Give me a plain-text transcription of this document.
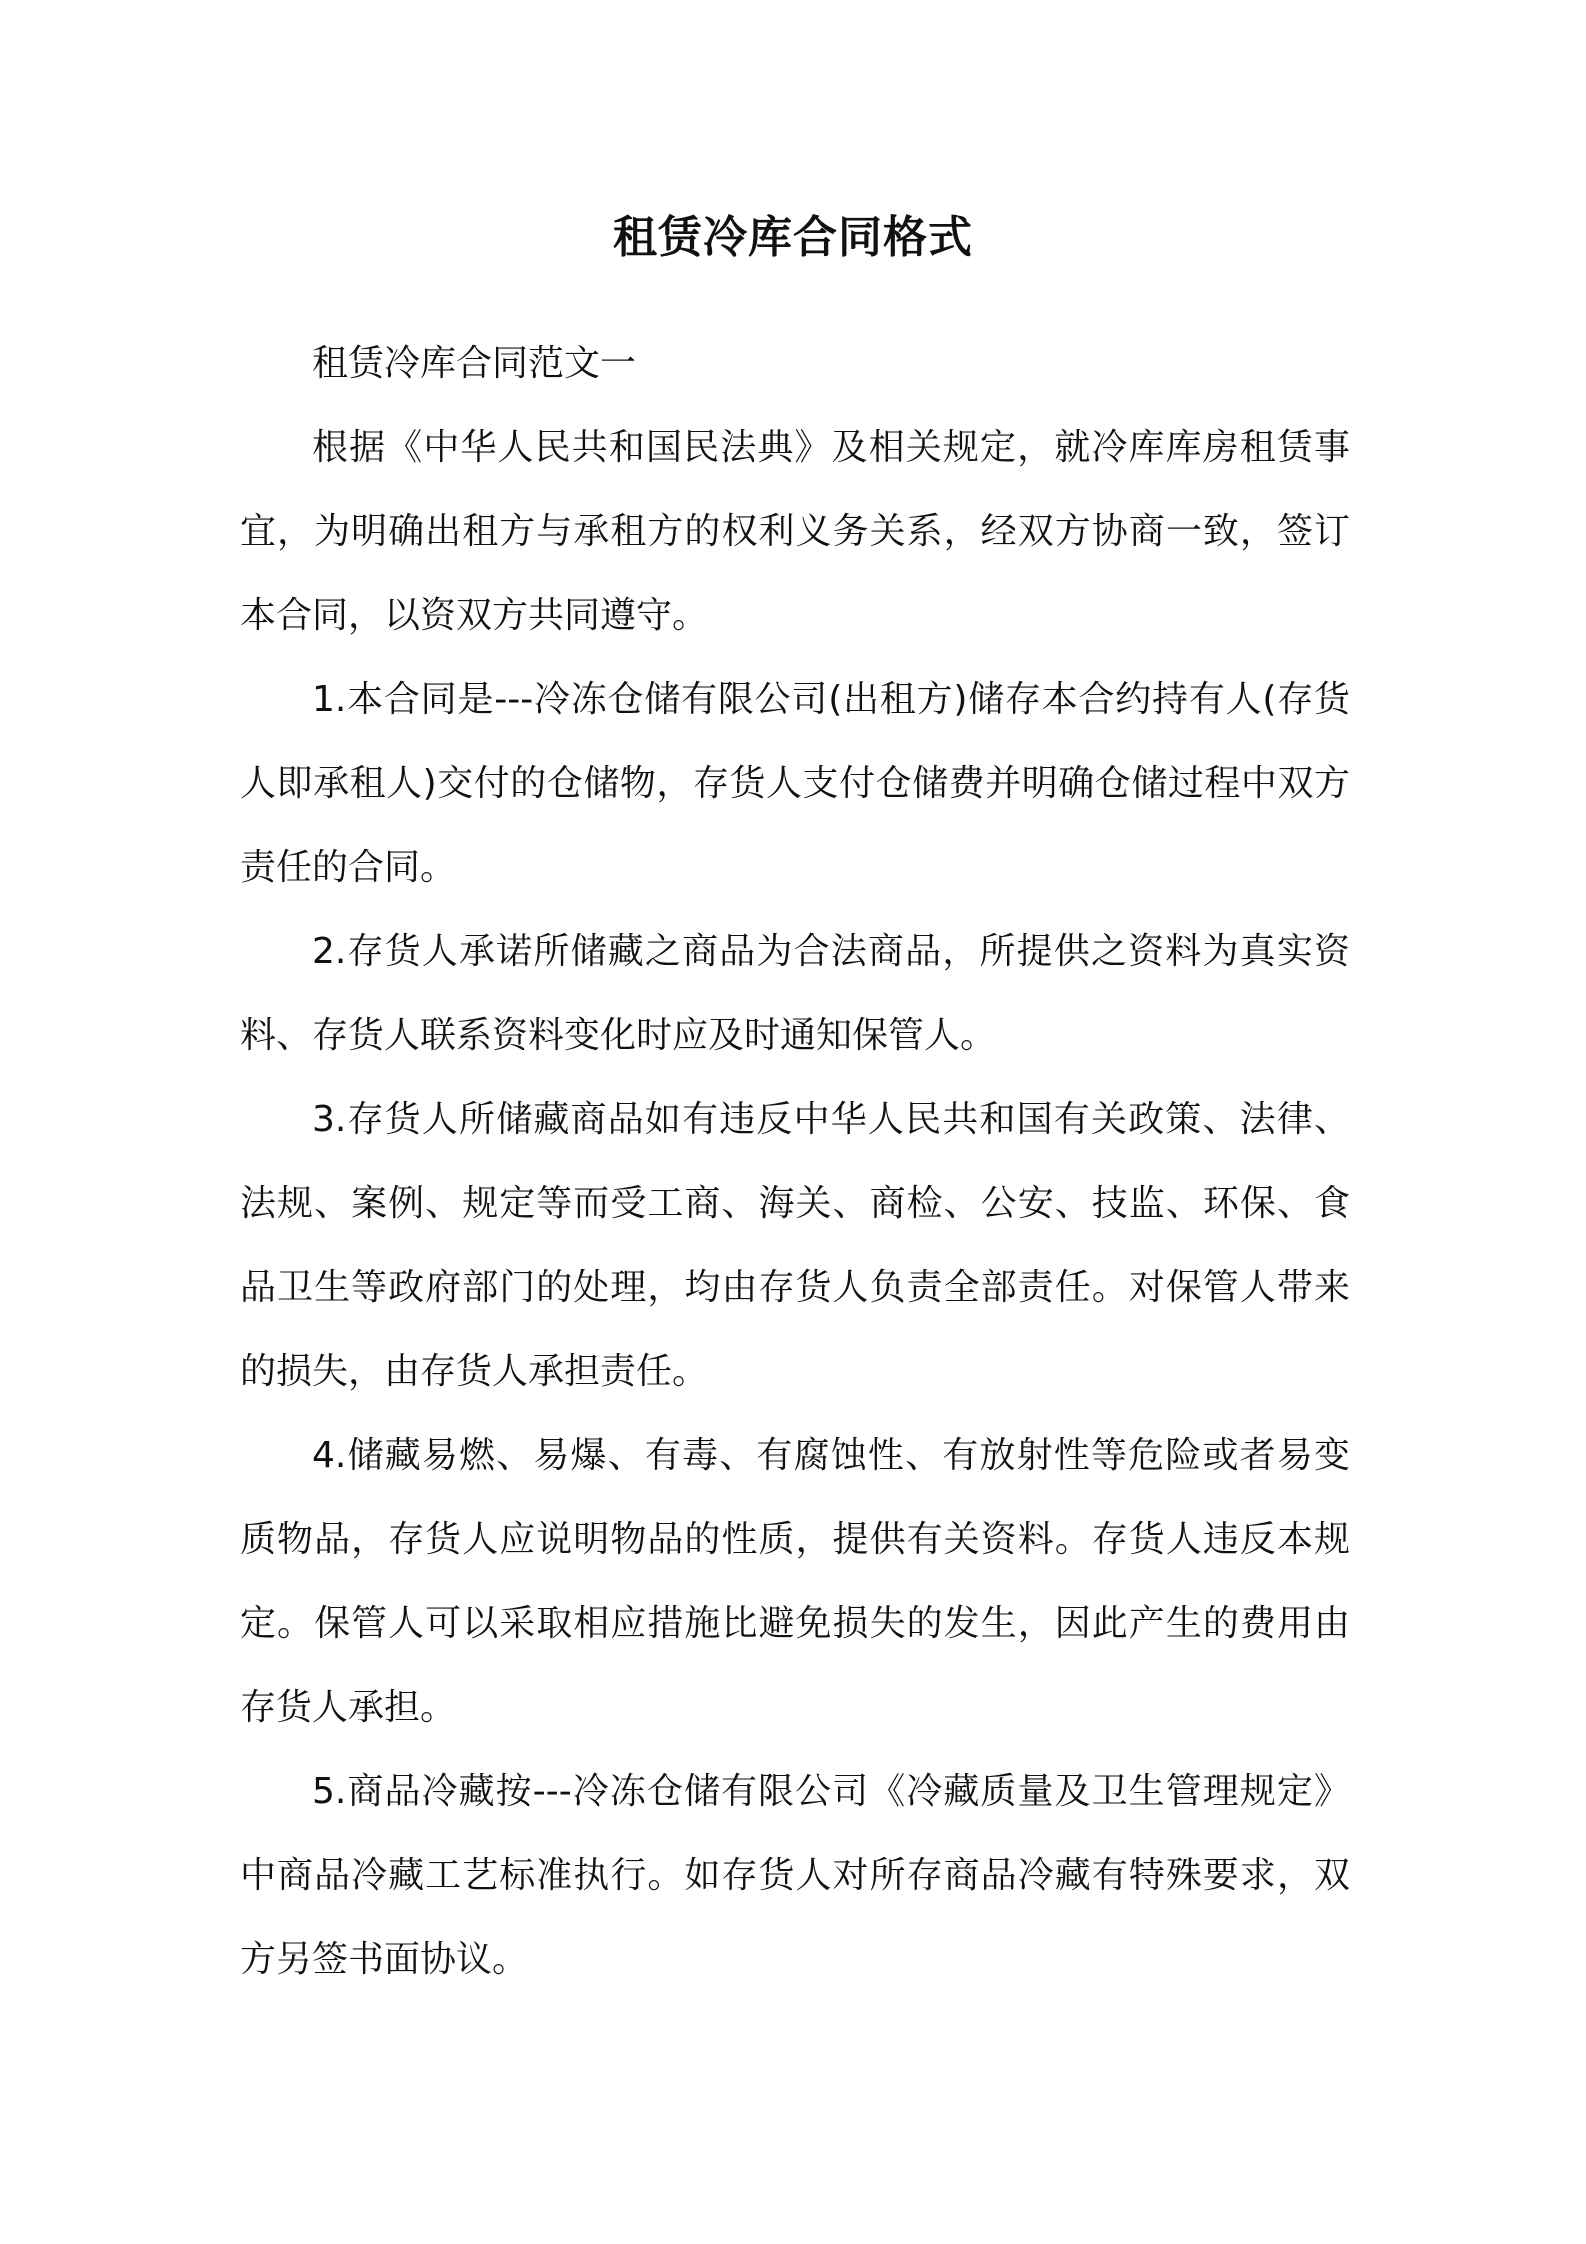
租赁冷库合同格式

租赁冷库合同范文一

根据《中华人民共和国民法典》及相关规定，就冷库库房租赁事宜，为明确出租方与承租方的权利义务关系，经双方协商一致，签订本合同，以资双方共同遵守。

1.本合同是---冷冻仓储有限公司(出租方)储存本合约持有人(存货人即承租人)交付的仓储物，存货人支付仓储费并明确仓储过程中双方责任的合同。

2.存货人承诺所储藏之商品为合法商品，所提供之资料为真实资料、存货人联系资料变化时应及时通知保管人。

3.存货人所储藏商品如有违反中华人民共和国有关政策、法律、法规、案例、规定等而受工商、海关、商检、公安、技监、环保、食品卫生等政府部门的处理，均由存货人负责全部责任。对保管人带来的损失，由存货人承担责任。

4.储藏易燃、易爆、有毒、有腐蚀性、有放射性等危险或者易变质物品，存货人应说明物品的性质，提供有关资料。存货人违反本规定。保管人可以采取相应措施比避免损失的发生，因此产生的费用由存货人承担。

5.商品冷藏按---冷冻仓储有限公司《冷藏质量及卫生管理规定》中商品冷藏工艺标准执行。如存货人对所存商品冷藏有特殊要求，双方另签书面协议。
